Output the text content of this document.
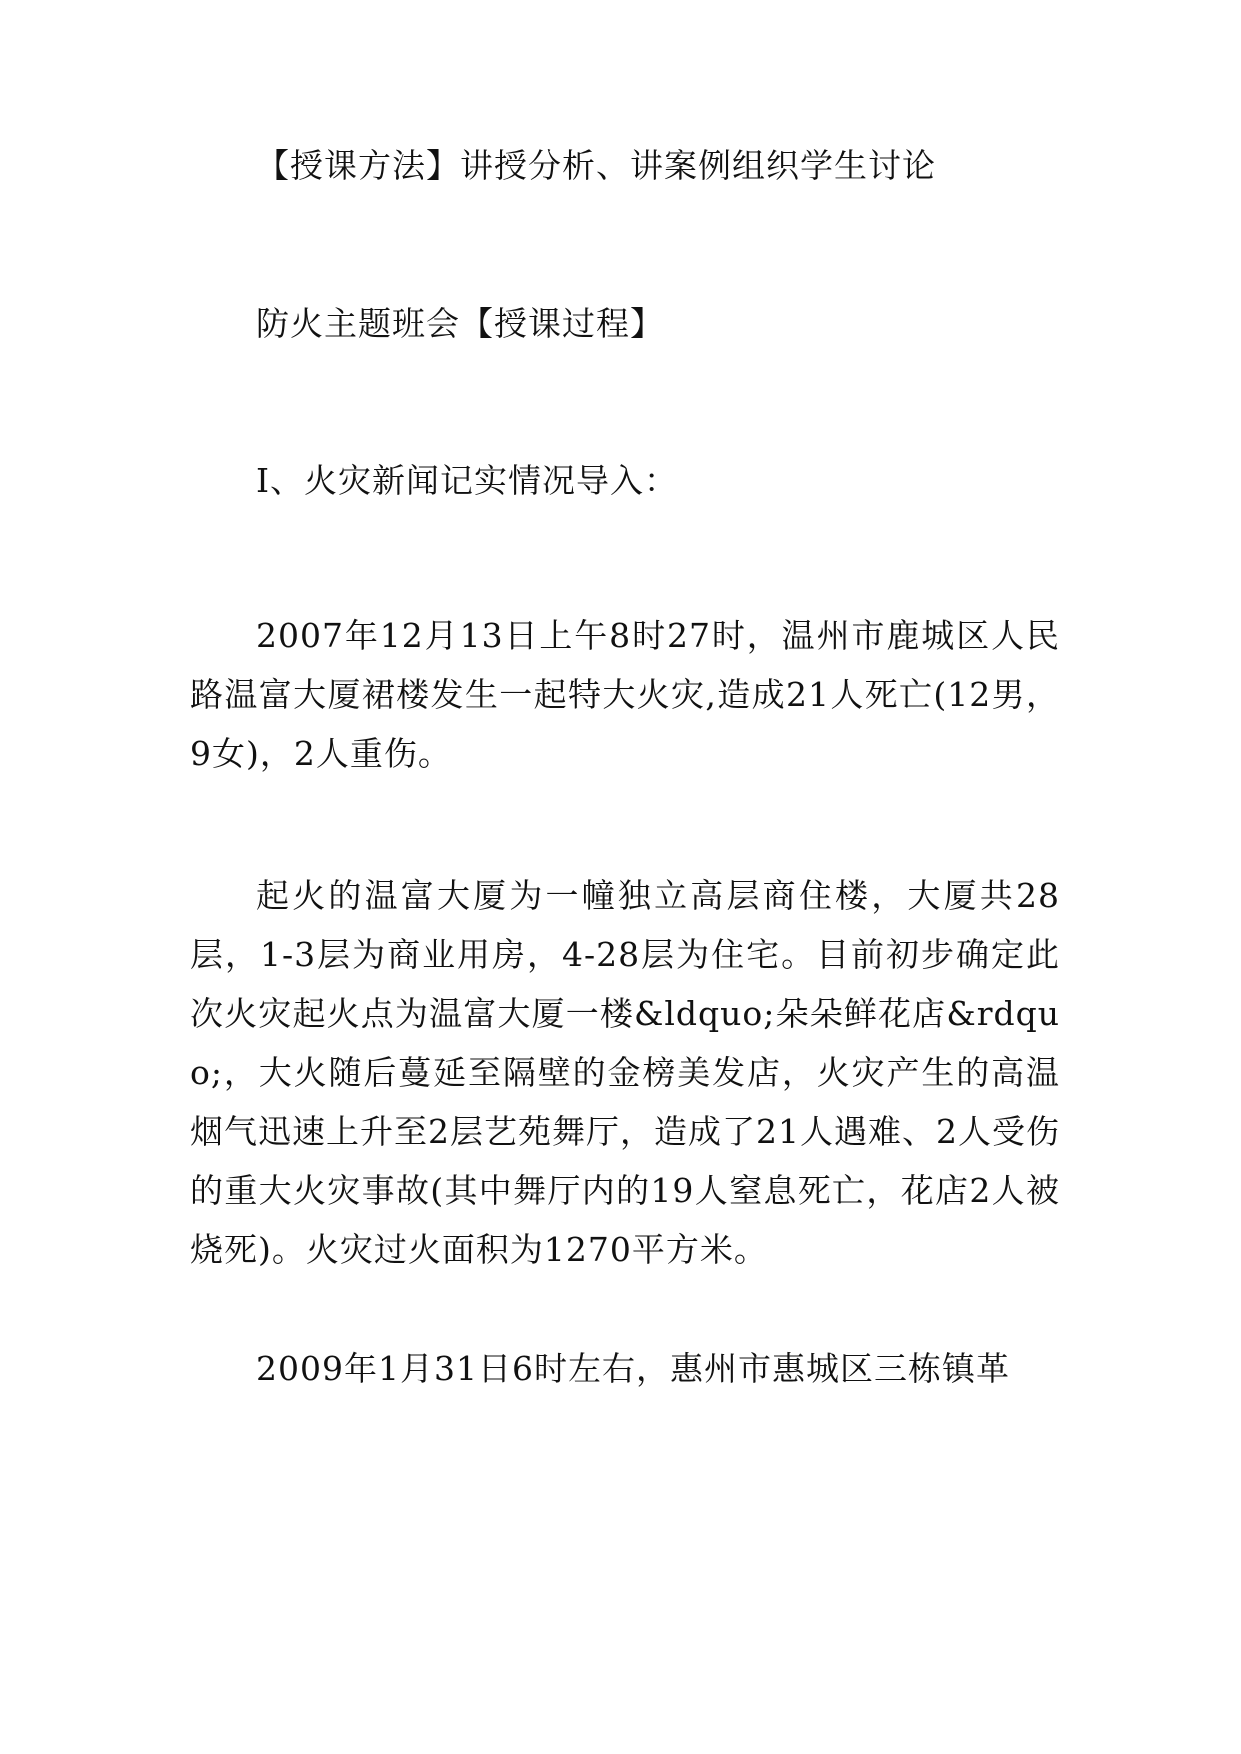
【授课方法】讲授分析、讲案例组织学生讨论
防火主题班会【授课过程】
Ⅰ、火灾新闻记实情况导入：
2007年12月13日上午8时27时，温州市鹿城区人民路温富大厦裙楼发生一起特大火灾,造成21人死亡(12男，9女)，2人重伤。
起火的温富大厦为一幢独立高层商住楼，大厦共28层，1-3层为商业用房，4-28层为住宅。目前初步确定此次火灾起火点为温富大厦一楼&ldquo;朵朵鲜花店&rdquo;，大火随后蔓延至隔壁的金榜美发店，火灾产生的高温烟气迅速上升至2层艺苑舞厅，造成了21人遇难、2人受伤的重大火灾事故(其中舞厅内的19人窒息死亡，花店2人被烧死)。火灾过火面积为1270平方米。
2009年1月31日6时左右，惠州市惠城区三栋镇革
